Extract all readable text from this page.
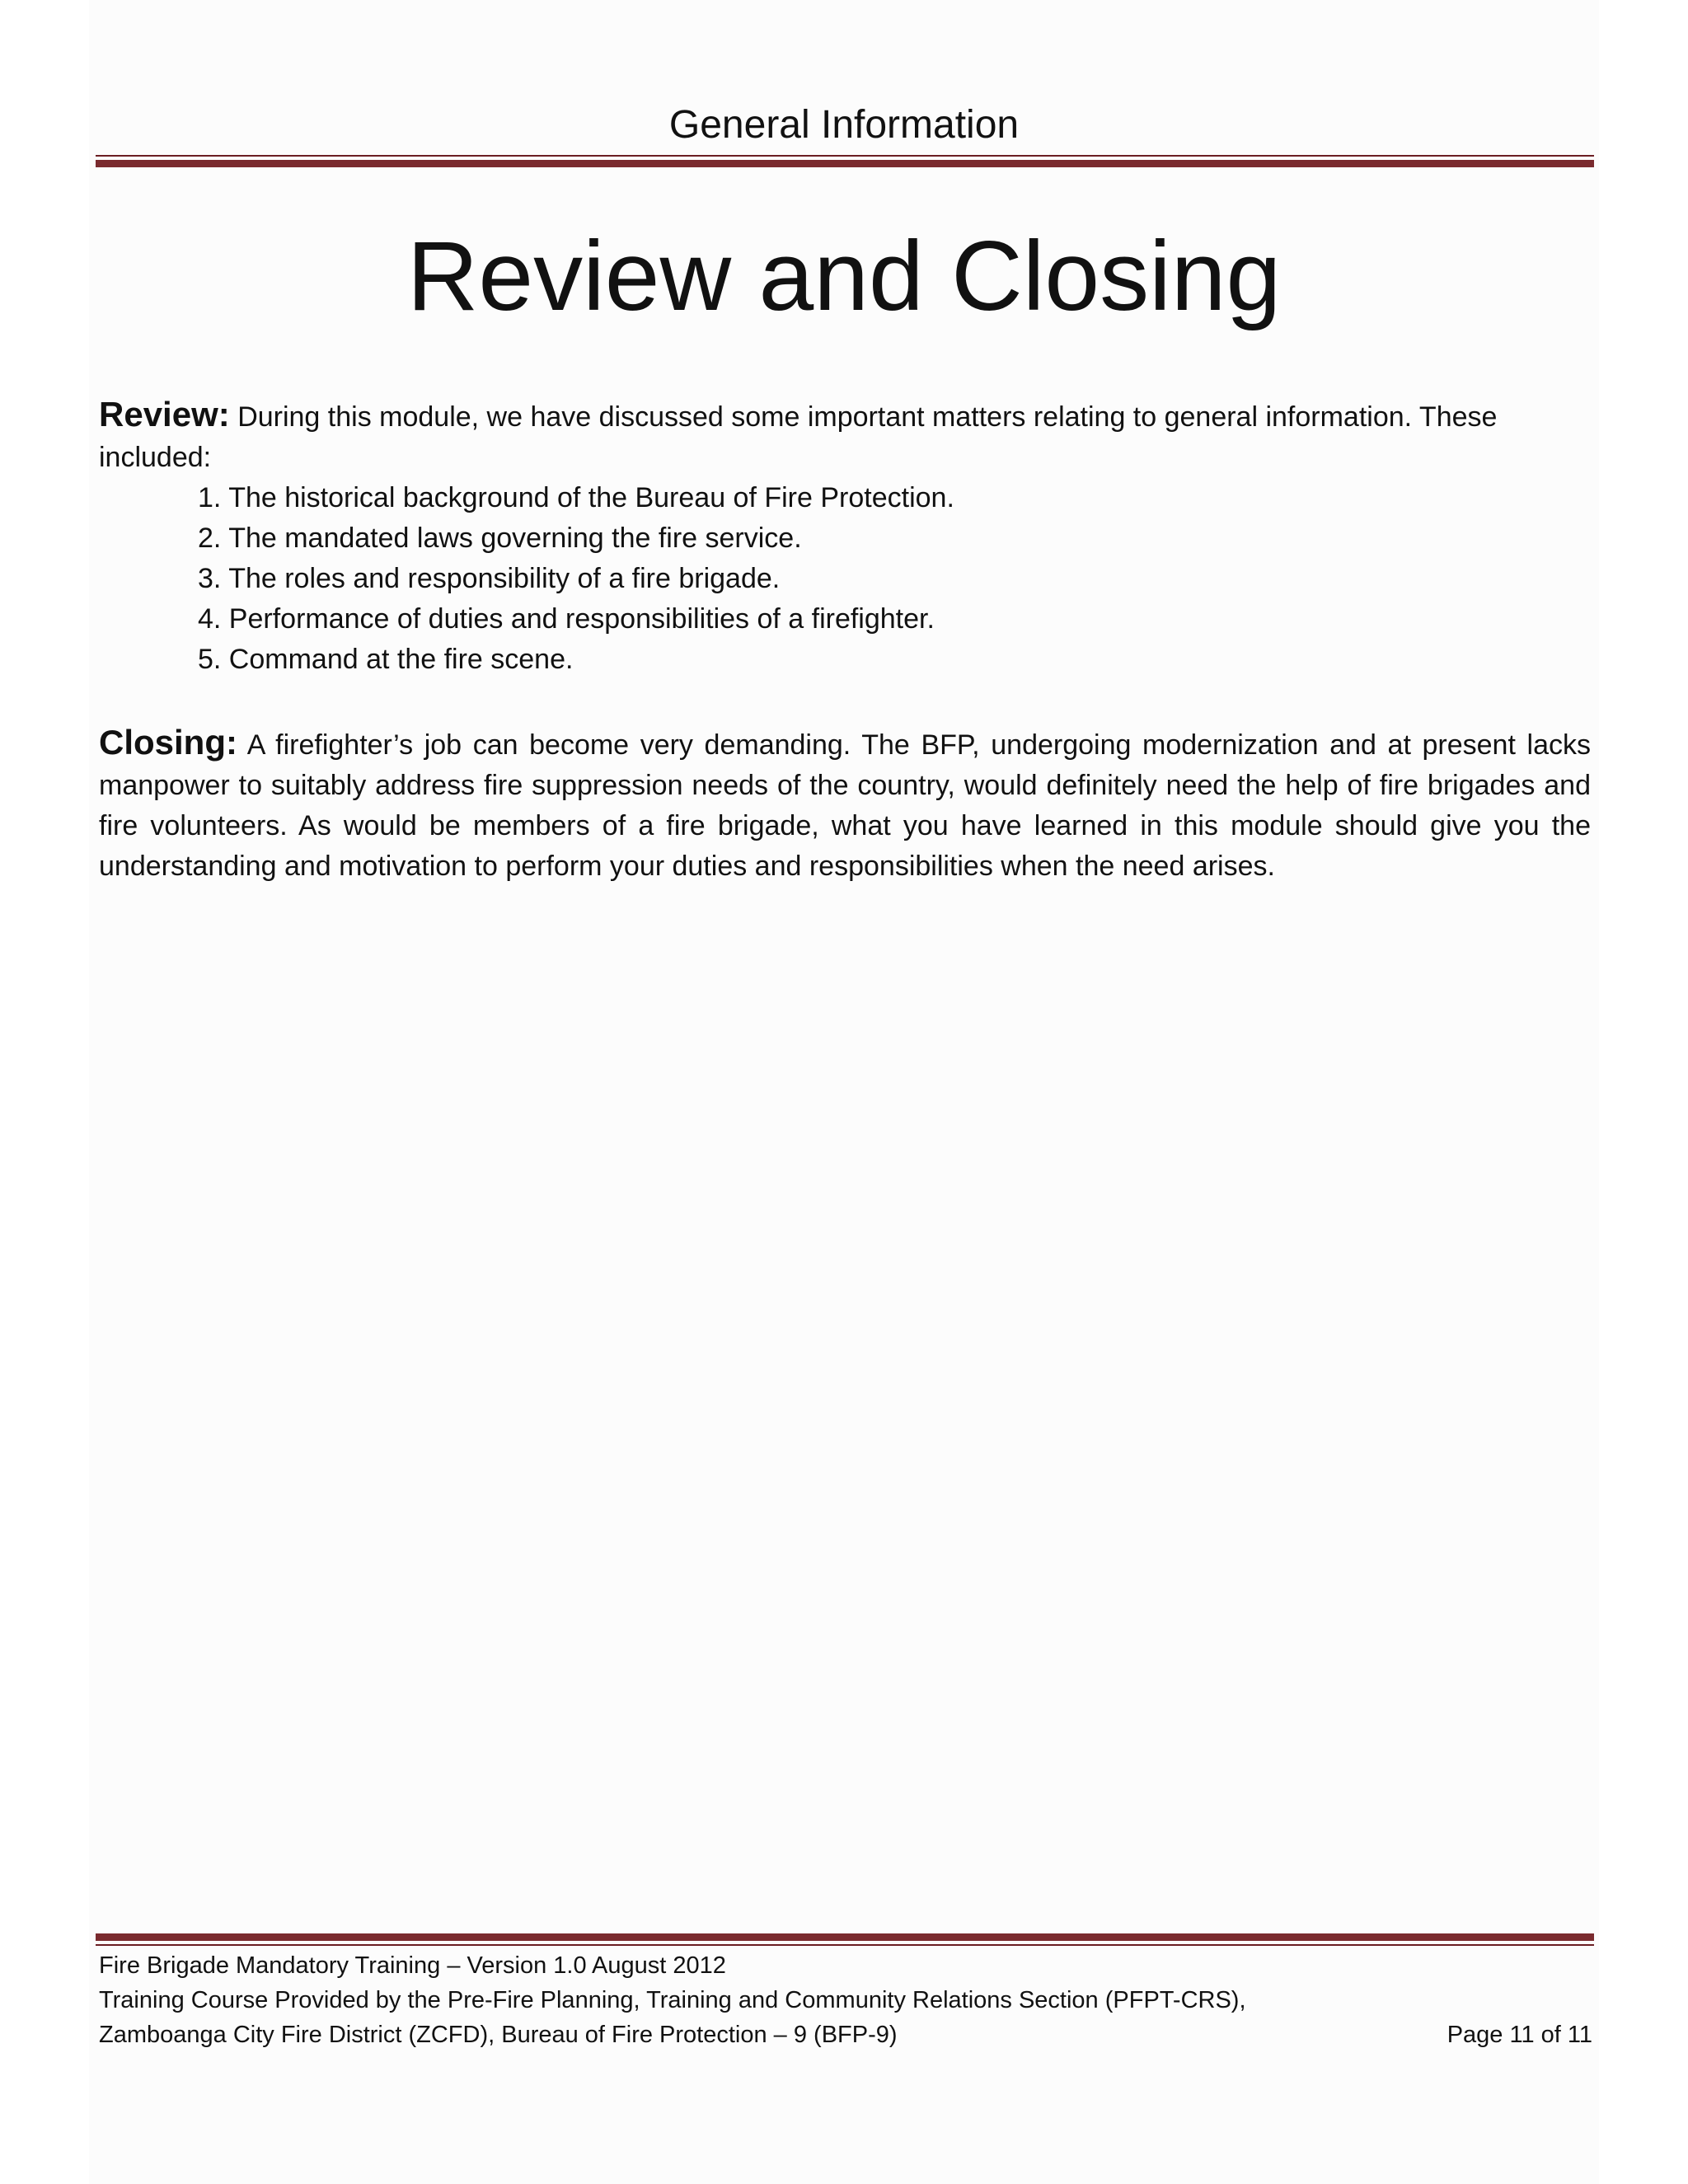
General Information
Review and Closing
Review: During this module, we have discussed some important matters relating to general information. These included:
1. The historical background of the Bureau of Fire Protection.
2. The mandated laws governing the fire service.
3. The roles and responsibility of a fire brigade.
4. Performance of duties and responsibilities of a firefighter.
5. Command at the fire scene.
Closing: A firefighter’s job can become very demanding. The BFP, undergoing modernization and at present lacks manpower to suitably address fire suppression needs of the country, would definitely need the help of fire brigades and fire volunteers. As would be members of a fire brigade, what you have learned in this module should give you the understanding and motivation to perform your duties and responsibilities when the need arises.
Fire Brigade Mandatory Training – Version 1.0 August 2012
Training Course Provided by the Pre-Fire Planning, Training and Community Relations Section (PFPT-CRS),
Zamboanga City Fire District (ZCFD), Bureau of Fire Protection – 9 (BFP-9)	Page 11 of 11
